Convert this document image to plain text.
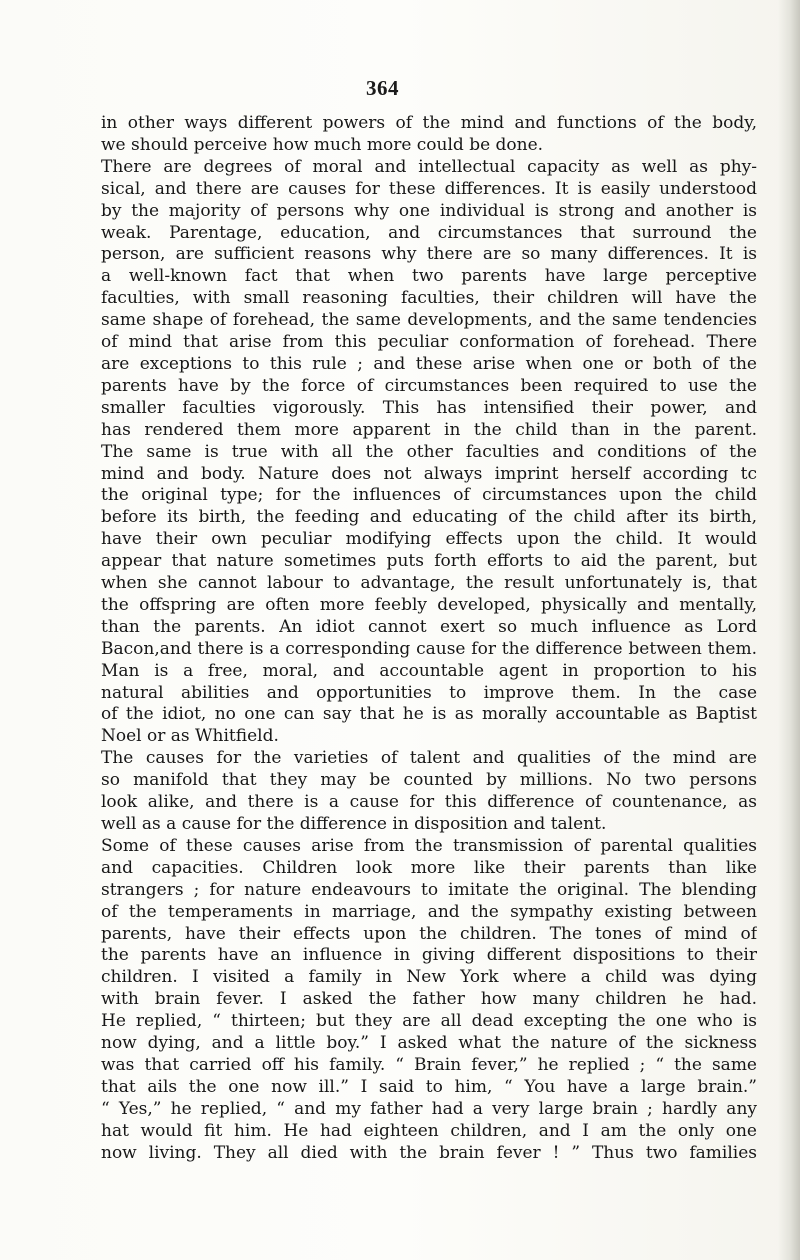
364
in other ways different powers of the mind and functions of the body,
we should perceive how much more could be done.
There are degrees of moral and intellectual capacity as well as phy-
sical, and there are causes for these differences. It is easily understood
by the majority of persons why one individual is strong and another is
weak. Parentage, education, and circumstances that surround the
person, are sufficient reasons why there are so many differences. It is
a well-known fact that when two parents have large perceptive
faculties, with small reasoning faculties, their children will have the
same shape of forehead, the same developments, and the same tendencies
of mind that arise from this peculiar conformation of forehead. There
are exceptions to this rule ; and these arise when one or both of the
parents have by the force of circumstances been required to use the
smaller faculties vigorously. This has intensified their power, and
has rendered them more apparent in the child than in the parent.
The same is true with all the other faculties and conditions of the
mind and body. Nature does not always imprint herself according tc
the original type; for the influences of circumstances upon the child
before its birth, the feeding and educating of the child after its birth,
have their own peculiar modifying effects upon the child. It would
appear that nature sometimes puts forth efforts to aid the parent, but
when she cannot labour to advantage, the result unfortunately is, that
the offspring are often more feebly developed, physically and mentally,
than the parents. An idiot cannot exert so much influence as Lord
Bacon,and there is a corresponding cause for the difference between them.
Man is a free, moral, and accountable agent in proportion to his
natural abilities and opportunities to improve them. In the case
of the idiot, no one can say that he is as morally accountable as Baptist
Noel or as Whitfield.
The causes for the varieties of talent and qualities of the mind are
so manifold that they may be counted by millions. No two persons
look alike, and there is a cause for this difference of countenance, as
well as a cause for the difference in disposition and talent.
Some of these causes arise from the transmission of parental qualities
and capacities. Children look more like their parents than like
strangers ; for nature endeavours to imitate the original. The blending
of the temperaments in marriage, and the sympathy existing between
parents, have their effects upon the children. The tones of mind of
the parents have an influence in giving different dispositions to their
children. I visited a family in New York where a child was dying
with brain fever. I asked the father how many children he had.
He replied, “ thirteen; but they are all dead excepting the one who is
now dying, and a little boy.” I asked what the nature of the sickness
was that carried off his family. “ Brain fever,” he replied ; “ the same
that ails the one now ill.” I said to him, “ You have a large brain.”
“ Yes,” he replied, “ and my father had a very large brain ; hardly any
hat would fit him. He had eighteen children, and I am the only one
now living. They all died with the brain fever ! ” Thus two families
